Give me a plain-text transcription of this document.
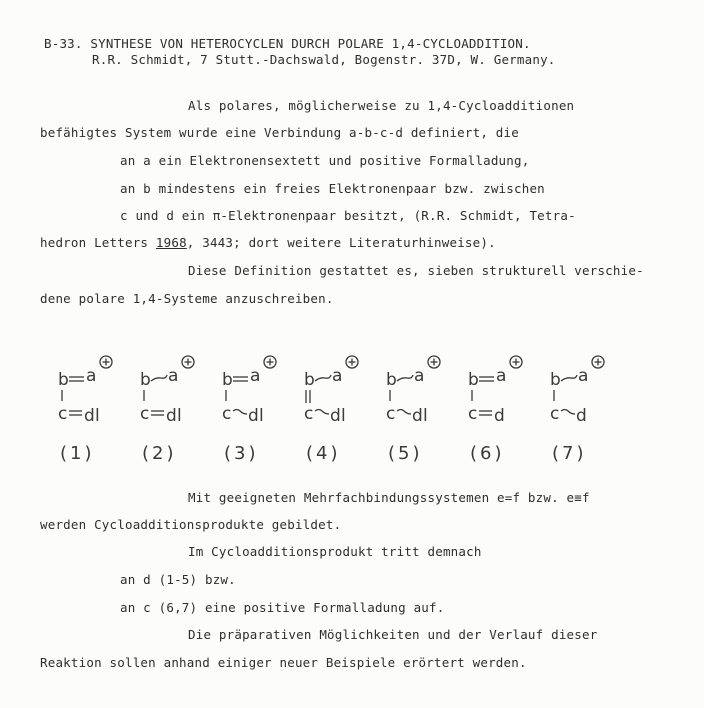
B-33. SYNTHESE VON HETEROCYCLEN DURCH POLARE 1,4-CYCLOADDITION.
R.R. Schmidt, 7 Stutt.-Dachswald, Bogenstr. 37D, W. Germany.
Als polares, möglicherweise zu 1,4-Cycloadditionen
befähigtes System wurde eine Verbindung a-b-c-d definiert, die
an a ein Elektronensextett und positive Formalladung,
an b mindestens ein freies Elektronenpaar bzw. zwischen
c und d ein π-Elektronenpaar besitzt, (R.R. Schmidt, Tetra-
hedron Letters 1968, 3443; dort weitere Literaturhinweise).
Diese Definition gestattet es, sieben strukturell verschie-
dene polare 1,4-Systeme anzuschreiben.
b a
c dl
(1)
b a
c dl
(2)
b a
c dl
(3)
b a
c dl
(4)
b a
c dl
(5)
b a
c d
(6)
b a
c d
(7)
Mit geeigneten Mehrfachbindungssystemen e=f bzw. e≡f
werden Cycloadditionsprodukte gebildet.
Im Cycloadditionsprodukt tritt demnach
an d (1-5) bzw.
an c (6,7) eine positive Formalladung auf.
Die präparativen Möglichkeiten und der Verlauf dieser
Reaktion sollen anhand einiger neuer Beispiele erörtert werden.
